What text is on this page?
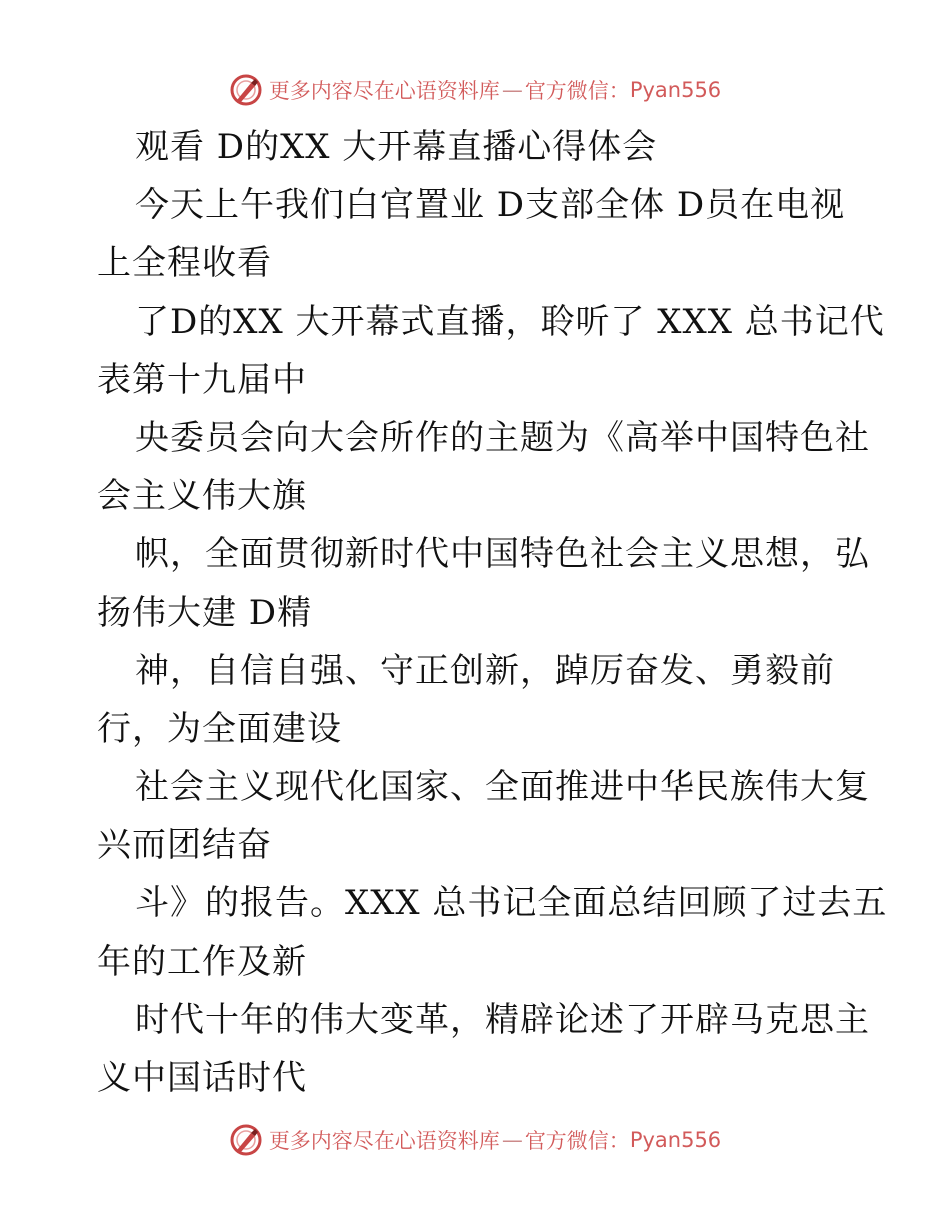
更多内容尽在心语资料库 — 官方微信： Pyan556
观看 D的XX 大开幕直播心得体会
今天上午我们白官置业 D支部全体 D员在电视
上全程收看
了D的XX 大开幕式直播，聆听了 XXX 总书记代
表第十九届中
央委员会向大会所作的主题为《高举中国特色社
会主义伟大旗
帜，全面贯彻新时代中国特色社会主义思想，弘
扬伟大建 D精
神，自信自强、守正创新，踔厉奋发、勇毅前
行，为全面建设
社会主义现代化国家、全面推进中华民族伟大复
兴而团结奋
斗》的报告。XXX 总书记全面总结回顾了过去五
年的工作及新
时代十年的伟大变革，精辟论述了开辟马克思主
义中国话时代
更多内容尽在心语资料库 — 官方微信： Pyan556
